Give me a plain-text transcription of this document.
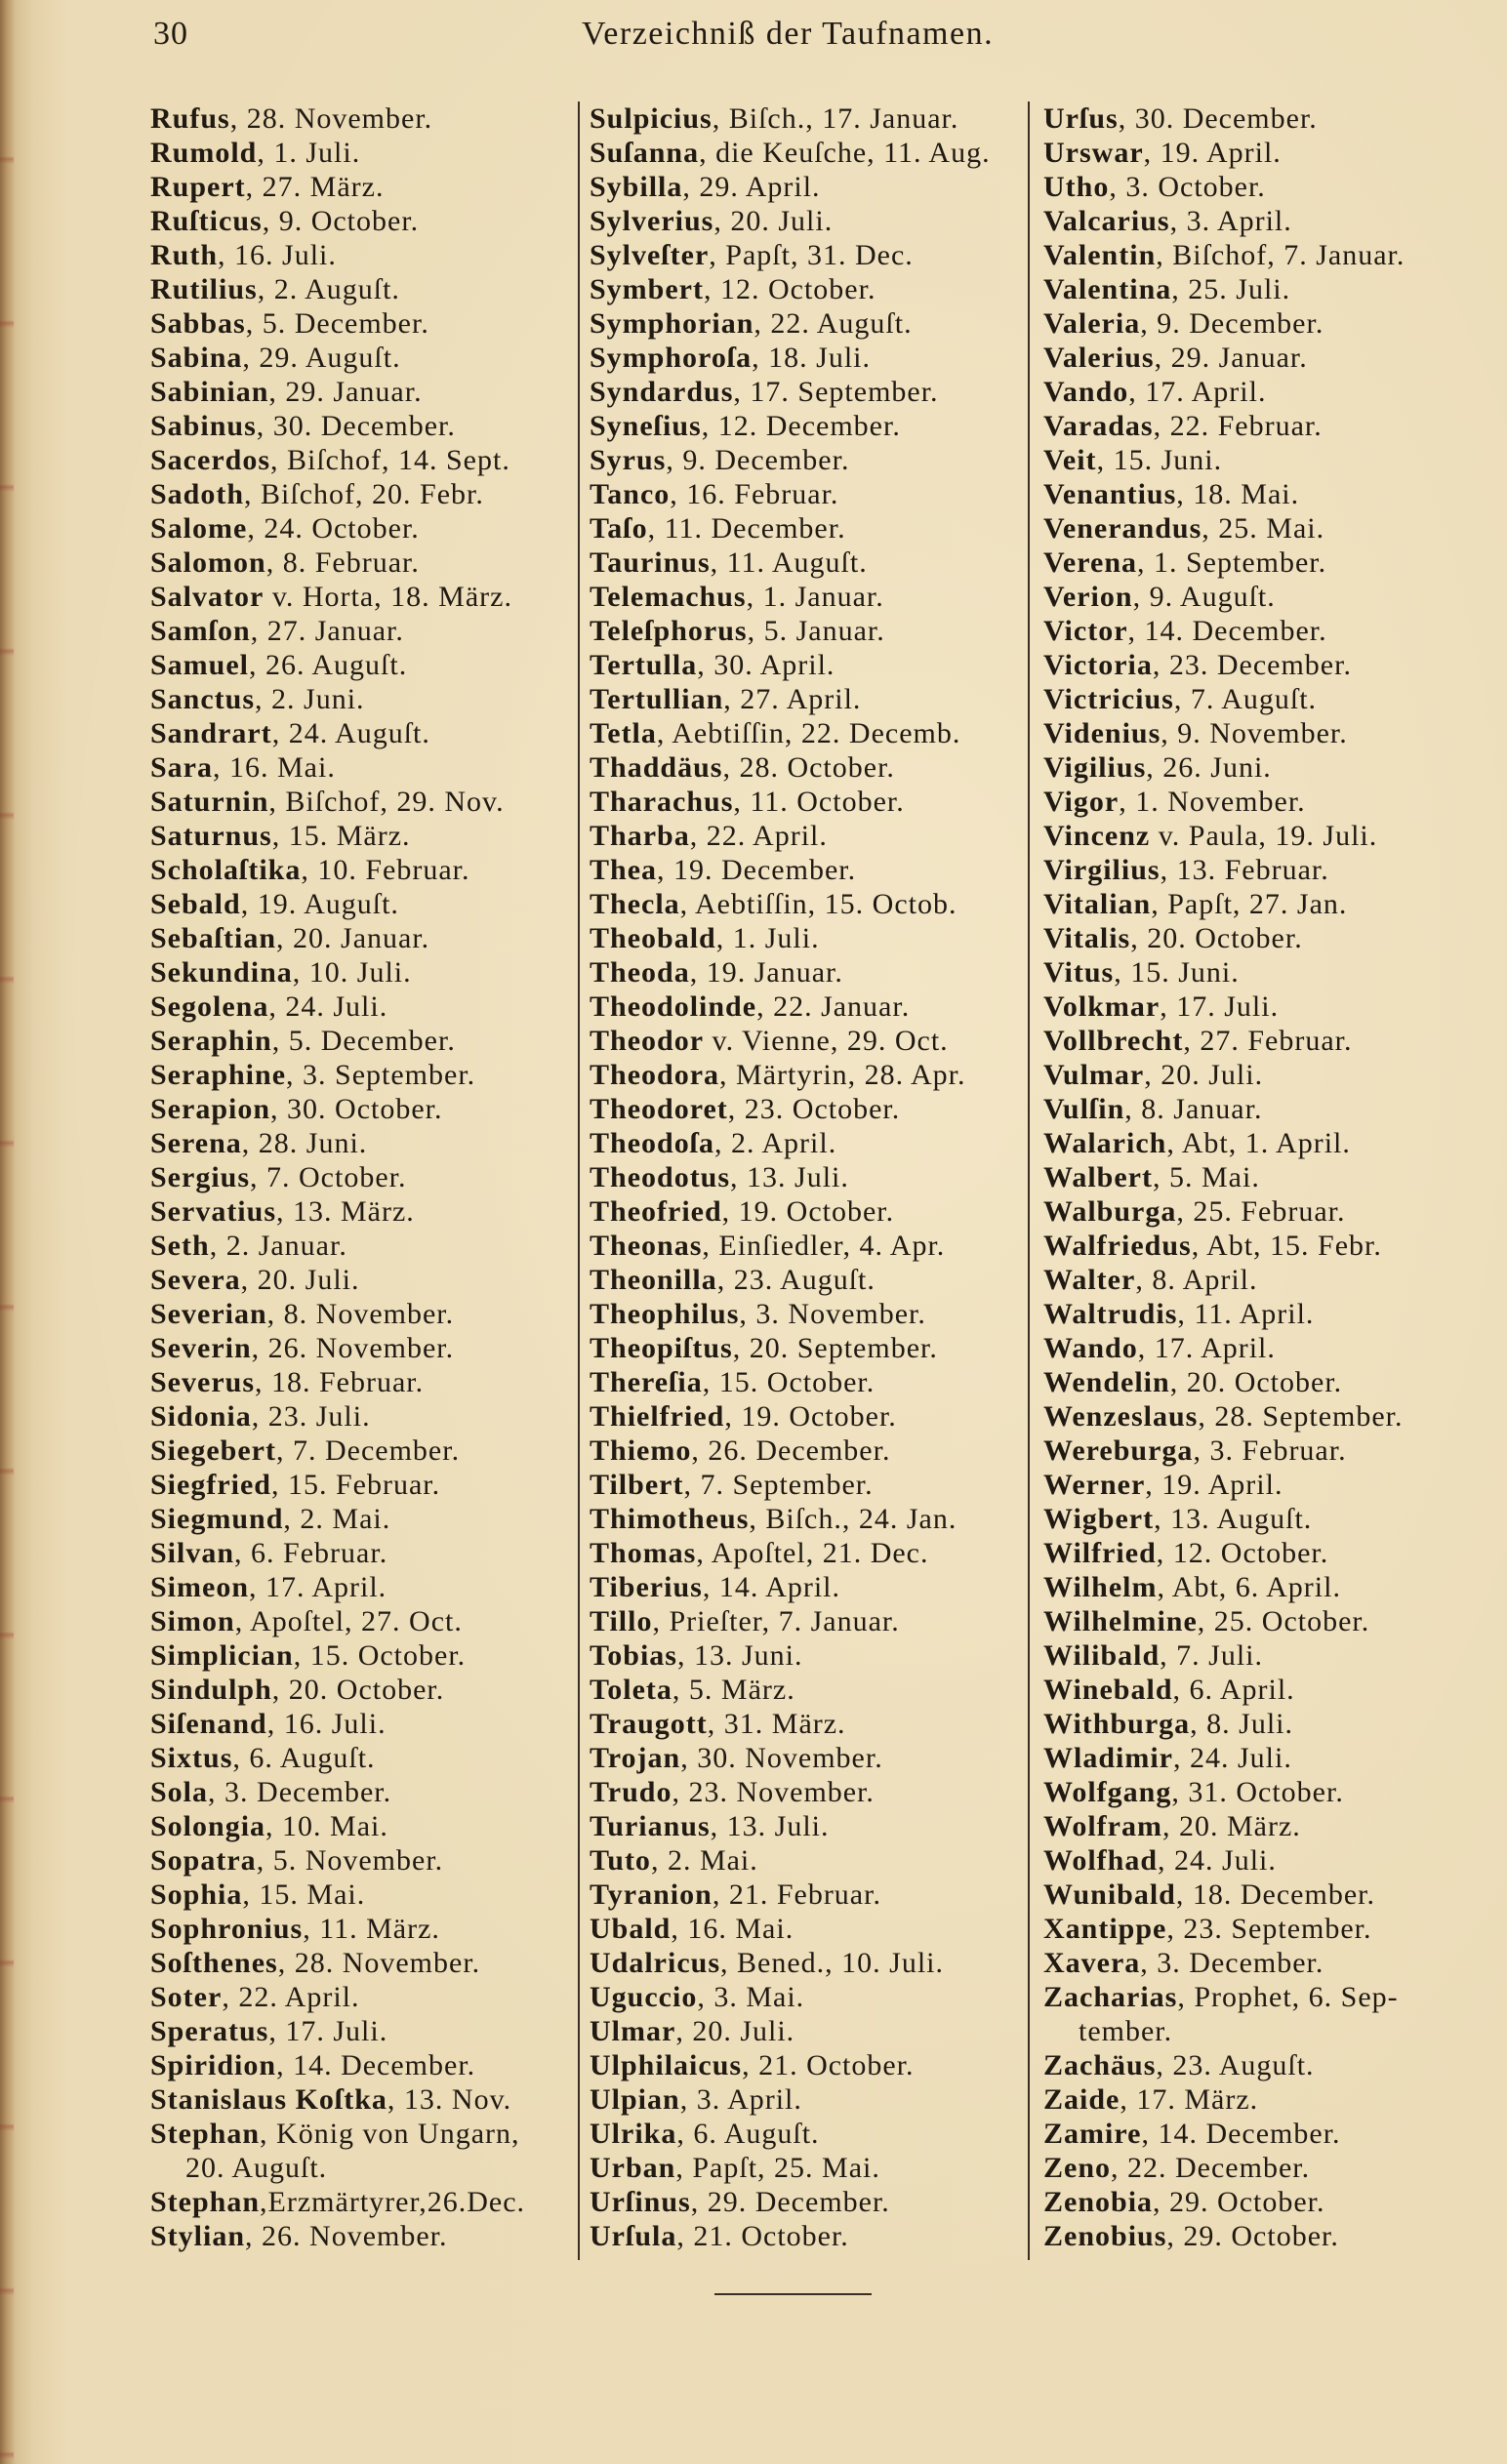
30	Verzeichniß der Taufnamen.
Rufus, 28. November.
Rumold, 1. Juli.
Rupert, 27. März.
Ruſticus, 9. October.
Ruth, 16. Juli.
Rutilius, 2. Auguſt.
Sabbas, 5. December.
Sabina, 29. Auguſt.
Sabinian, 29. Januar.
Sabinus, 30. December.
Sacerdos, Biſchof, 14. Sept.
Sadoth, Biſchof, 20. Febr.
Salome, 24. October.
Salomon, 8. Februar.
Salvator v. Horta, 18. März.
Samſon, 27. Januar.
Samuel, 26. Auguſt.
Sanctus, 2. Juni.
Sandrart, 24. Auguſt.
Sara, 16. Mai.
Saturnin, Biſchof, 29. Nov.
Saturnus, 15. März.
Scholaſtika, 10. Februar.
Sebald, 19. Auguſt.
Sebaſtian, 20. Januar.
Sekundina, 10. Juli.
Segolena, 24. Juli.
Seraphin, 5. December.
Seraphine, 3. September.
Serapion, 30. October.
Serena, 28. Juni.
Sergius, 7. October.
Servatius, 13. März.
Seth, 2. Januar.
Severa, 20. Juli.
Severian, 8. November.
Severin, 26. November.
Severus, 18. Februar.
Sidonia, 23. Juli.
Siegebert, 7. December.
Siegfried, 15. Februar.
Siegmund, 2. Mai.
Silvan, 6. Februar.
Simeon, 17. April.
Simon, Apoſtel, 27. Oct.
Simplician, 15. October.
Sindulph, 20. October.
Siſenand, 16. Juli.
Sixtus, 6. Auguſt.
Sola, 3. December.
Solongia, 10. Mai.
Sopatra, 5. November.
Sophia, 15. Mai.
Sophronius, 11. März.
Soſthenes, 28. November.
Soter, 22. April.
Speratus, 17. Juli.
Spiridion, 14. December.
Stanislaus Koſtka, 13. Nov.
Stephan, König von Ungarn,
20. Auguſt.
Stephan,Erzmärtyrer,26.Dec.
Stylian, 26. November.
Sulpicius, Biſch., 17. Januar.
Suſanna, die Keuſche, 11. Aug.
Sybilla, 29. April.
Sylverius, 20. Juli.
Sylveſter, Papſt, 31. Dec.
Symbert, 12. October.
Symphorian, 22. Auguſt.
Symphoroſa, 18. Juli.
Syndardus, 17. September.
Syneſius, 12. December.
Syrus, 9. December.
Tanco, 16. Februar.
Taſo, 11. December.
Taurinus, 11. Auguſt.
Telemachus, 1. Januar.
Teleſphorus, 5. Januar.
Tertulla, 30. April.
Tertullian, 27. April.
Tetla, Aebtiſſin, 22. Decemb.
Thaddäus, 28. October.
Tharachus, 11. October.
Tharba, 22. April.
Thea, 19. December.
Thecla, Aebtiſſin, 15. Octob.
Theobald, 1. Juli.
Theoda, 19. Januar.
Theodolinde, 22. Januar.
Theodor v. Vienne, 29. Oct.
Theodora, Märtyrin, 28. Apr.
Theodoret, 23. October.
Theodoſa, 2. April.
Theodotus, 13. Juli.
Theofried, 19. October.
Theonas, Einſiedler, 4. Apr.
Theonilla, 23. Auguſt.
Theophilus, 3. November.
Theopiſtus, 20. September.
Thereſia, 15. October.
Thielfried, 19. October.
Thiemo, 26. December.
Tilbert, 7. September.
Thimotheus, Biſch., 24. Jan.
Thomas, Apoſtel, 21. Dec.
Tiberius, 14. April.
Tillo, Prieſter, 7. Januar.
Tobias, 13. Juni.
Toleta, 5. März.
Traugott, 31. März.
Trojan, 30. November.
Trudo, 23. November.
Turianus, 13. Juli.
Tuto, 2. Mai.
Tyranion, 21. Februar.
Ubald, 16. Mai.
Udalricus, Bened., 10. Juli.
Uguccio, 3. Mai.
Ulmar, 20. Juli.
Ulphilaicus, 21. October.
Ulpian, 3. April.
Ulrika, 6. Auguſt.
Urban, Papſt, 25. Mai.
Urſinus, 29. December.
Urſula, 21. October.
Urſus, 30. December.
Urswar, 19. April.
Utho, 3. October.
Valcarius, 3. April.
Valentin, Biſchof, 7. Januar.
Valentina, 25. Juli.
Valeria, 9. December.
Valerius, 29. Januar.
Vando, 17. April.
Varadas, 22. Februar.
Veit, 15. Juni.
Venantius, 18. Mai.
Venerandus, 25. Mai.
Verena, 1. September.
Verion, 9. Auguſt.
Victor, 14. December.
Victoria, 23. December.
Victricius, 7. Auguſt.
Videnius, 9. November.
Vigilius, 26. Juni.
Vigor, 1. November.
Vincenz v. Paula, 19. Juli.
Virgilius, 13. Februar.
Vitalian, Papſt, 27. Jan.
Vitalis, 20. October.
Vitus, 15. Juni.
Volkmar, 17. Juli.
Vollbrecht, 27. Februar.
Vulmar, 20. Juli.
Vulſin, 8. Januar.
Walarich, Abt, 1. April.
Walbert, 5. Mai.
Walburga, 25. Februar.
Walfriedus, Abt, 15. Febr.
Walter, 8. April.
Waltrudis, 11. April.
Wando, 17. April.
Wendelin, 20. October.
Wenzeslaus, 28. September.
Wereburga, 3. Februar.
Werner, 19. April.
Wigbert, 13. Auguſt.
Wilfried, 12. October.
Wilhelm, Abt, 6. April.
Wilhelmine, 25. October.
Wilibald, 7. Juli.
Winebald, 6. April.
Withburga, 8. Juli.
Wladimir, 24. Juli.
Wolfgang, 31. October.
Wolfram, 20. März.
Wolfhad, 24. Juli.
Wunibald, 18. December.
Xantippe, 23. September.
Xavera, 3. December.
Zacharias, Prophet, 6. Sep-
tember.
Zachäus, 23. Auguſt.
Zaide, 17. März.
Zamire, 14. December.
Zeno, 22. December.
Zenobia, 29. October.
Zenobius, 29. October.
